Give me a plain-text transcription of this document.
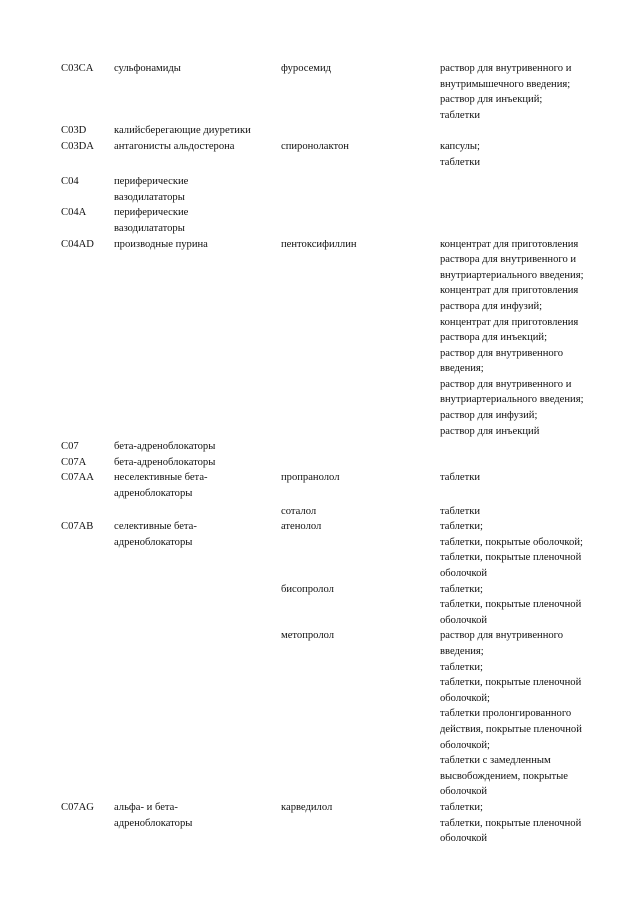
C03CA	сульфонамиды	фуросемид	раствор для внутривенного и
внутримышечного введения;
раствор для инъекций;
таблетки
C03D	калийсберегающие диуретики
C03DA	антагонисты альдостерона	спиронолактон	капсулы;
таблетки
C04	периферические
вазодилататоры
C04A	периферические
вазодилататоры
C04AD	производные пурина	пентоксифиллин	концентрат для приготовления
раствора для внутривенного и
внутриартериального введения;
концентрат для приготовления
раствора для инфузий;
концентрат для приготовления
раствора для инъекций;
раствор для внутривенного
введения;
раствор для внутривенного и
внутриартериального введения;
раствор для инфузий;
раствор для инъекций
C07	бета-адреноблокаторы
C07A	бета-адреноблокаторы
C07AA	неселективные бета-
адреноблокаторы
пропранолол	таблетки
соталол	таблетки
C07AB	селективные бета-
адреноблокаторы
атенолол	таблетки;
таблетки, покрытые оболочкой;
таблетки, покрытые пленочной
оболочкой
бисопролол	таблетки;
таблетки, покрытые пленочной
оболочкой
метопролол	раствор для внутривенного
введения;
таблетки;
таблетки, покрытые пленочной
оболочкой;
таблетки пролонгированного
действия, покрытые пленочной
оболочкой;
таблетки с замедленным
высвобождением, покрытые
оболочкой
C07AG	альфа- и бета-
адреноблокаторы
карведилол	таблетки;
таблетки, покрытые пленочной
оболочкой
